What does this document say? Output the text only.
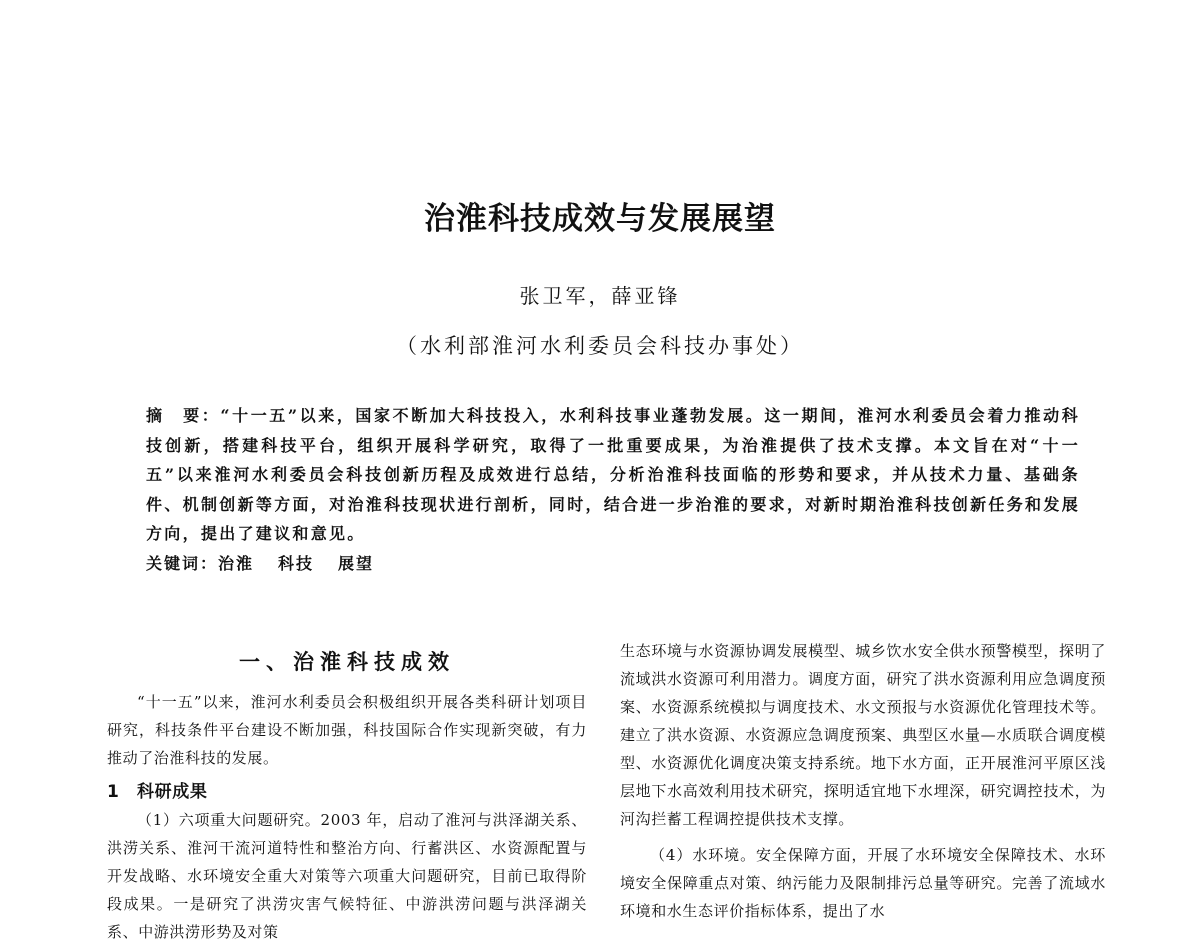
治淮科技成效与发展展望
张卫军，薛亚锋
（水利部淮河水利委员会科技办事处）
摘　要：“十一五”以来，国家不断加大科技投入，水利科技事业蓬勃发展。这一期间，淮河水利委员会着力推动科技创新，搭建科技平台，组织开展科学研究，取得了一批重要成果，为治淮提供了技术支撑。本文旨在对“十一五”以来淮河水利委员会科技创新历程及成效进行总结，分析治淮科技面临的形势和要求，并从技术力量、基础条件、机制创新等方面，对治淮科技现状进行剖析，同时，结合进一步治淮的要求，对新时期治淮科技创新任务和发展方向，提出了建议和意见。
关键词：治淮 科技 展望
一、治淮科技成效

“十一五”以来，淮河水利委员会积极组织开展各类科研计划项目研究，科技条件平台建设不断加强，科技国际合作实现新突破，有力推动了治淮科技的发展。

1　科研成果

（1）六项重大问题研究。2003 年，启动了淮河与洪泽湖关系、洪涝关系、淮河干流河道特性和整治方向、行蓄洪区、水资源配置与开发战略、水环境安全重大对策等六项重大问题研究，目前已取得阶段成果。一是研究了洪涝灾害气候特征、中游洪涝问题与洪泽湖关系、中游洪涝形势及对策

生态环境与水资源协调发展模型、城乡饮水安全供水预警模型，探明了流域洪水资源可利用潜力。调度方面，研究了洪水资源利用应急调度预案、水资源系统模拟与调度技术、水文预报与水资源优化管理技术等。建立了洪水资源、水资源应急调度预案、典型区水量—水质联合调度模型、水资源优化调度决策支持系统。地下水方面，正开展淮河平原区浅层地下水高效利用技术研究，探明适宜地下水埋深，研究调控技术，为河沟拦蓄工程调控提供技术支撑。

（4）水环境。安全保障方面，开展了水环境安全保障技术、水环境安全保障重点对策、纳污能力及限制排污总量等研究。完善了流域水环境和水生态评价指标体系，提出了水
